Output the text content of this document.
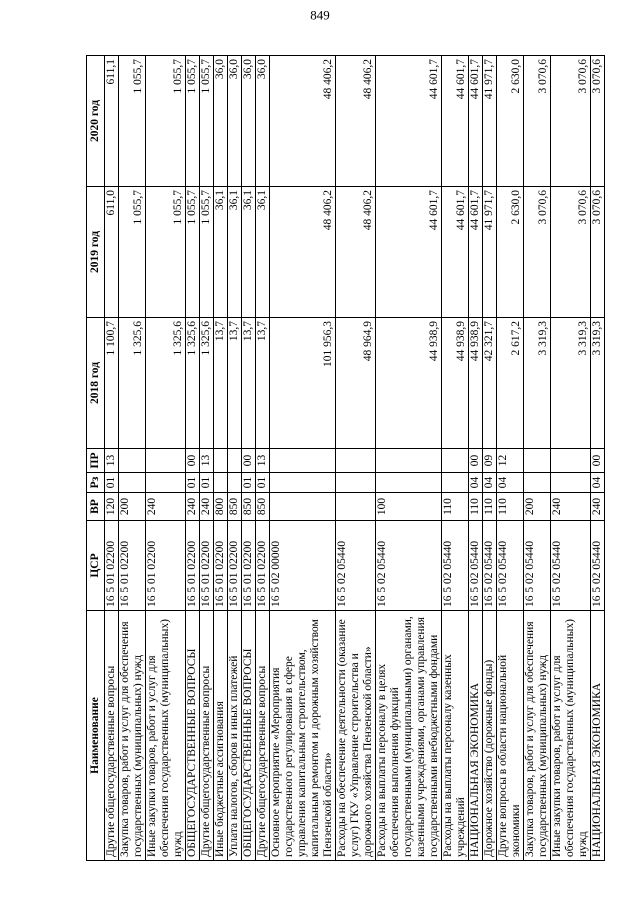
Наименование	ЦСР	ВР	Рз	ПР	2018 год	2019 год	2020 год
Другие общегосударственные вопросы	16 5 01 02200	120	01	13	1 100,7	611,0	611,1
Закупка товаров, работ и услуг для обеспечения государственных (муниципальных) нужд	16 5 01 02200	200			1 325,6	1 055,7	1 055,7
Иные закупки товаров, работ и услуг для обеспечения государственных (муниципальных) нужд	16 5 01 02200	240			1 325,6	1 055,7	1 055,7
ОБЩЕГОСУДАРСТВЕННЫЕ ВОПРОСЫ	16 5 01 02200	240	01	00	1 325,6	1 055,7	1 055,7
Другие общегосударственные вопросы	16 5 01 02200	240	01	13	1 325,6	1 055,7	1 055,7
Иные бюджетные ассигнования	16 5 01 02200	800			13,7	36,1	36,0
Уплата налогов, сборов и иных платежей	16 5 01 02200	850			13,7	36,1	36,0
ОБЩЕГОСУДАРСТВЕННЫЕ ВОПРОСЫ	16 5 01 02200	850	01	00	13,7	36,1	36,0
Другие общегосударственные вопросы	16 5 01 02200	850	01	13	13,7	36,1	36,0
Основное мероприятие «Мероприятия государственного регулирования в сфере управления капитальным строительством, капитальным ремонтом и дорожным хозяйством Пензенской области»	16 5 02 00000				101 956,3	48 406,2	48 406,2
Расходы на обеспечение деятельности (оказание услуг) ГКУ «Управление строительства и дорожного хозяйства Пензенской области»	16 5 02 05440				48 964,9	48 406,2	48 406,2
Расходы на выплаты персоналу в целях обеспечения выполнения функций государственными (муниципальными) органами, казенными учреждениями, органами управления государственными внебюджетными фондами	16 5 02 05440	100			44 938,9	44 601,7	44 601,7
Расходы на выплаты персоналу казенных учреждений	16 5 02 05440	110			44 938,9	44 601,7	44 601,7
НАЦИОНАЛЬНАЯ ЭКОНОМИКА	16 5 02 05440	110	04	00	44 938,9	44 601,7	44 601,7
Дорожное хозяйство (дорожные фонды)	16 5 02 05440	110	04	09	42 321,7	41 971,7	41 971,7
Другие вопросы в области национальной экономики	16 5 02 05440	110	04	12	2 617,2	2 630,0	2 630,0
Закупка товаров, работ и услуг для обеспечения государственных (муниципальных) нужд	16 5 02 05440	200			3 319,3	3 070,6	3 070,6
Иные закупки товаров, работ и услуг для обеспечения государственных (муниципальных) нужд	16 5 02 05440	240			3 319,3	3 070,6	3 070,6
НАЦИОНАЛЬНАЯ ЭКОНОМИКА	16 5 02 05440	240	04	00	3 319,3	3 070,6	3 070,6
849
